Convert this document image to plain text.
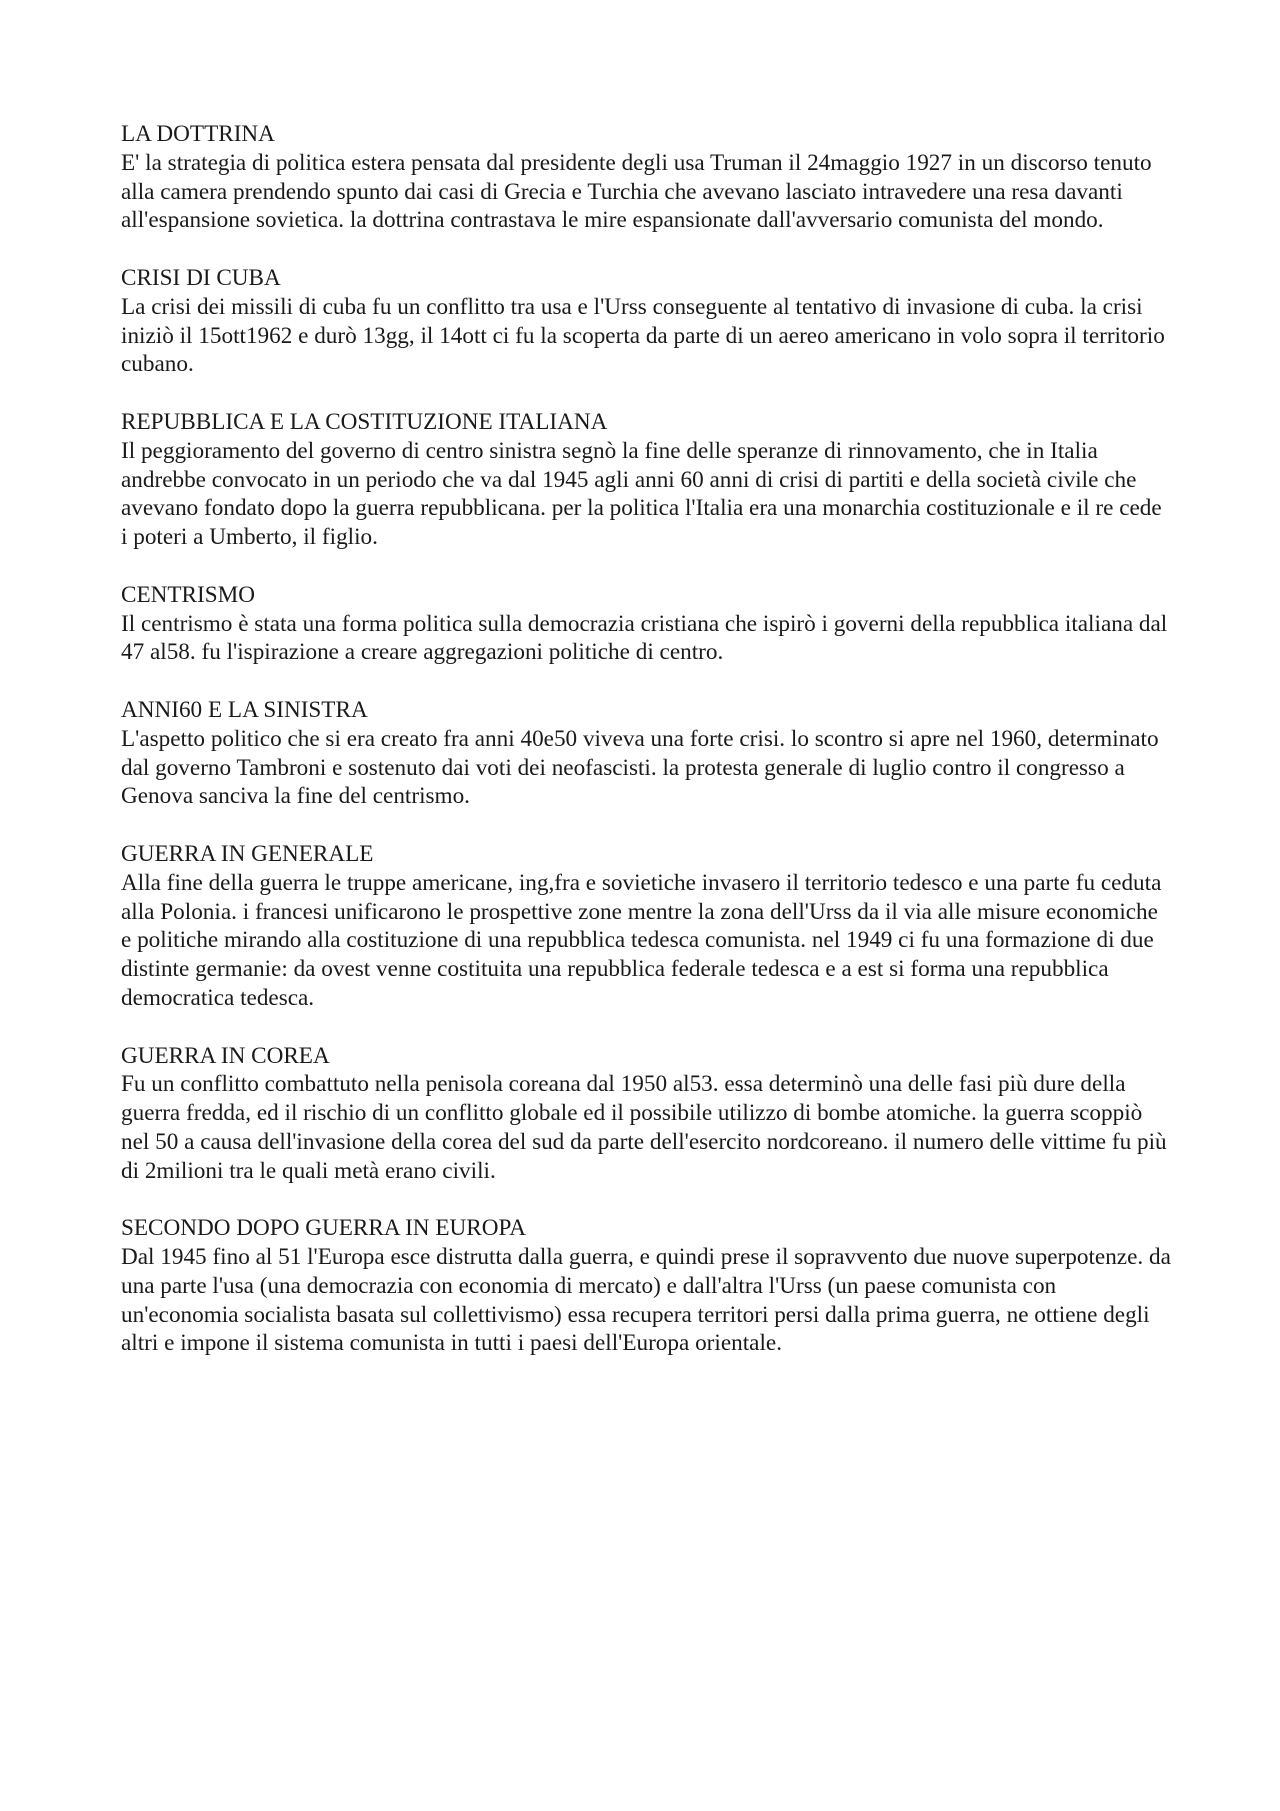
LA DOTTRINA

E' la strategia di politica estera pensata dal presidente degli usa Truman il 24maggio 1927 in un discorso tenuto alla camera prendendo spunto dai casi di Grecia e Turchia che avevano lasciato intravedere una resa davanti all'espansione sovietica. la dottrina contrastava le mire espansionate dall'avversario comunista del mondo.

CRISI DI CUBA

La crisi dei missili di cuba fu un conflitto tra usa e l'Urss conseguente al tentativo di invasione di cuba. la crisi iniziò il 15ott1962 e durò 13gg, il 14ott ci fu la scoperta da parte di un aereo americano in volo sopra il territorio cubano.

REPUBBLICA E LA COSTITUZIONE ITALIANA

Il peggioramento del governo di centro sinistra segnò la fine delle speranze di rinnovamento, che in Italia andrebbe convocato in un periodo che va dal 1945 agli anni 60 anni di crisi di partiti e della società civile che avevano fondato dopo la guerra repubblicana. per la politica l'Italia era una monarchia costituzionale e il re cede i poteri a Umberto, il figlio.

CENTRISMO

Il centrismo è stata una forma politica sulla democrazia cristiana che ispirò i governi della repubblica italiana dal 47 al58. fu l'ispirazione a creare aggregazioni politiche di centro.

ANNI60 E LA SINISTRA

L'aspetto politico che si era creato fra anni 40e50 viveva una forte crisi. lo scontro si apre nel 1960, determinato dal governo Tambroni e sostenuto dai voti dei neofascisti. la protesta generale di luglio contro il congresso a Genova sanciva la fine del centrismo.

GUERRA IN GENERALE

Alla fine della guerra le truppe americane, ing,fra e sovietiche invasero il territorio tedesco e una parte fu ceduta alla Polonia. i francesi unificarono le prospettive zone mentre la zona dell'Urss da il via alle misure economiche e politiche mirando alla costituzione di una repubblica tedesca comunista. nel 1949 ci fu una formazione di due distinte germanie: da ovest venne costituita una repubblica federale tedesca e a est si forma una repubblica democratica tedesca.

GUERRA IN COREA

Fu un conflitto combattuto nella penisola coreana dal 1950 al53. essa determinò una delle fasi più dure della guerra fredda, ed il rischio di un conflitto globale ed il possibile utilizzo di bombe atomiche. la guerra scoppiò nel 50 a causa dell'invasione della corea del sud da parte dell'esercito nordcoreano. il numero delle vittime fu più di 2milioni tra le quali metà erano civili.

SECONDO DOPO GUERRA IN EUROPA

Dal 1945 fino al 51 l'Europa esce distrutta dalla guerra, e quindi prese il sopravvento due nuove superpotenze. da una parte l'usa (una democrazia con economia di mercato) e dall'altra l'Urss (un paese comunista con un'economia socialista basata sul collettivismo) essa recupera territori persi dalla prima guerra, ne ottiene degli altri e impone il sistema comunista in tutti i paesi dell'Europa orientale.
